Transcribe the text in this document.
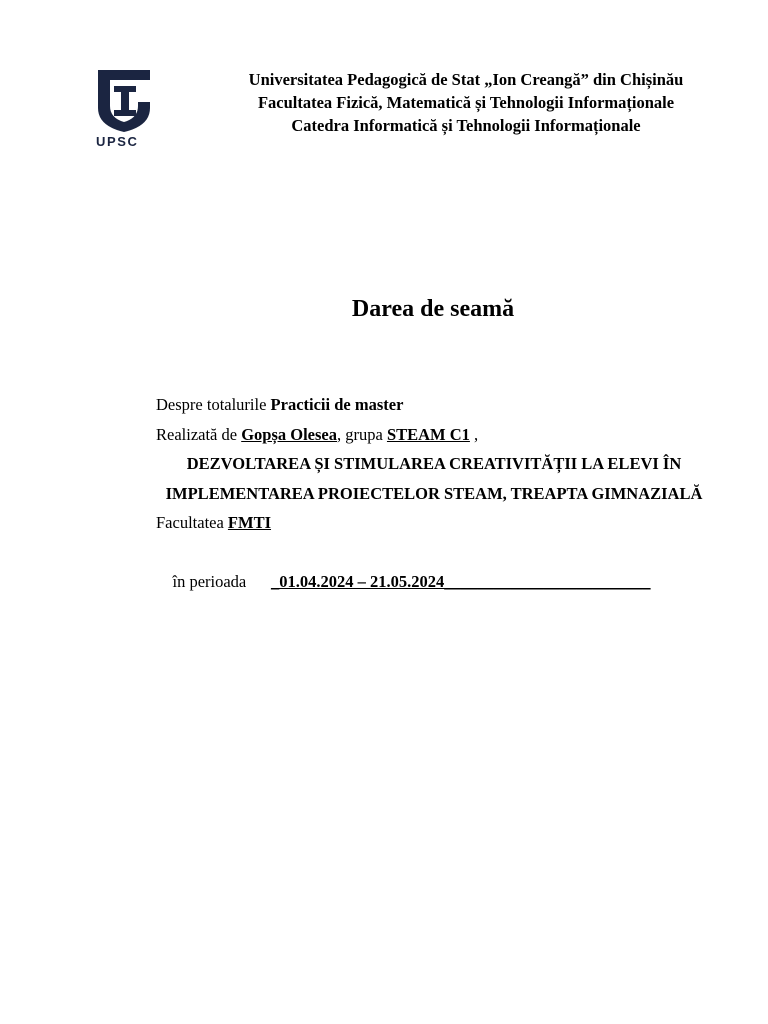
UPSC
Universitatea Pedagogică de Stat „Ion Creangă” din Chișinău
Facultatea Fizică, Matematică și Tehnologii Informaționale
Catedra Informatică și Tehnologii Informaționale
Darea de seamă
Despre totalurile Practicii de master
Realizată de Gopșa Olesea, grupa STEAM C1 ,
DEZVOLTAREA ȘI STIMULAREA CREATIVITĂȚII LA ELEVI ÎN IMPLEMENTAREA PROIECTELOR STEAM, TREAPTA GIMNAZIALĂ
Facultatea FMTI

în perioada      _01.04.2024 – 21.05.2024_________________________
